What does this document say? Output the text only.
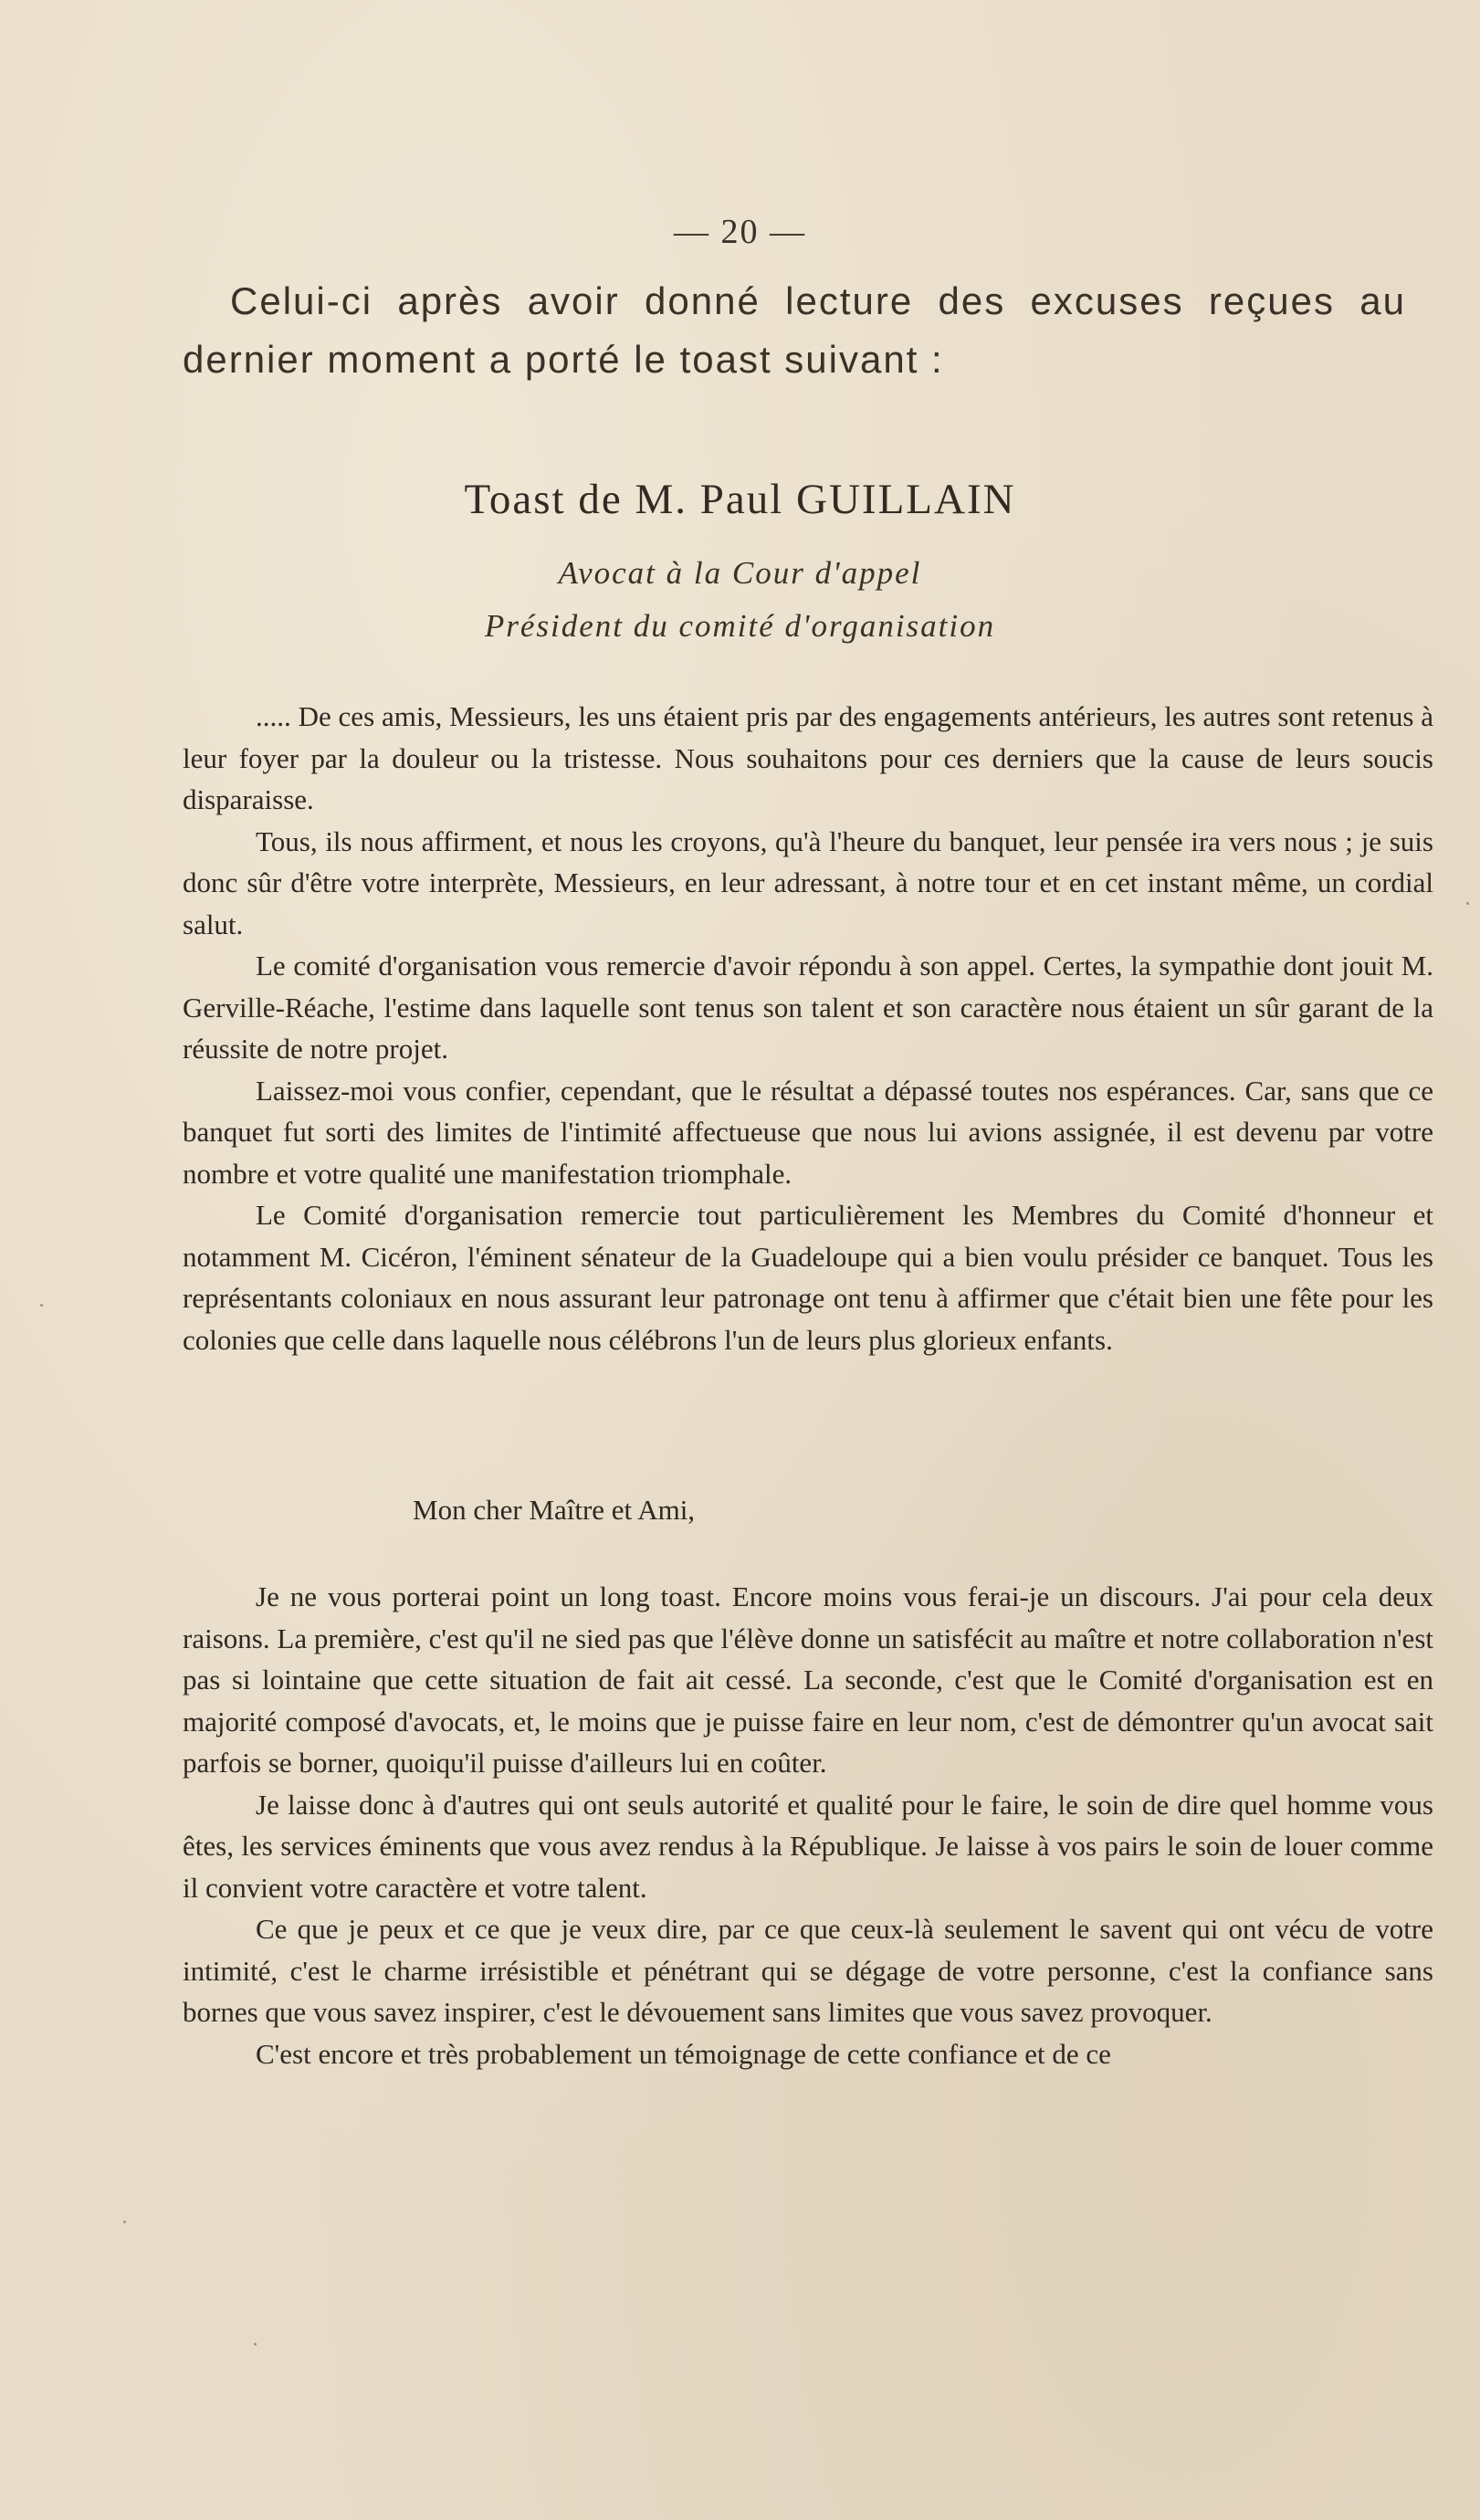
— 20 —
Celui-ci après avoir donné lecture des excuses reçues au dernier moment a porté le toast suivant :
Toast de M. Paul GUILLAIN
Avocat à la Cour d'appel
Président du comité d'organisation

..... De ces amis, Messieurs, les uns étaient pris par des engagements antérieurs, les autres sont retenus à leur foyer par la douleur ou la tristesse. Nous souhaitons pour ces derniers que la cause de leurs soucis disparaisse.

Tous, ils nous affirment, et nous les croyons, qu'à l'heure du banquet, leur pensée ira vers nous ; je suis donc sûr d'être votre interprète, Messieurs, en leur adressant, à notre tour et en cet instant même, un cordial salut.

Le comité d'organisation vous remercie d'avoir répondu à son appel. Certes, la sympathie dont jouit M. Gerville-Réache, l'estime dans laquelle sont tenus son talent et son caractère nous étaient un sûr garant de la réussite de notre projet.

Laissez-moi vous confier, cependant, que le résultat a dépassé toutes nos espérances. Car, sans que ce banquet fut sorti des limites de l'intimité affectueuse que nous lui avions assignée, il est devenu par votre nombre et votre qualité une manifestation triomphale.

Le Comité d'organisation remercie tout particulièrement les Membres du Comité d'honneur et notamment M. Cicéron, l'éminent sénateur de la Guadeloupe qui a bien voulu présider ce banquet. Tous les représentants coloniaux en nous assurant leur patronage ont tenu à affirmer que c'était bien une fête pour les colonies que celle dans laquelle nous célébrons l'un de leurs plus glorieux enfants.

Mon cher Maître et Ami,

Je ne vous porterai point un long toast. Encore moins vous ferai-je un discours. J'ai pour cela deux raisons. La première, c'est qu'il ne sied pas que l'élève donne un satisfécit au maître et notre collaboration n'est pas si lointaine que cette situation de fait ait cessé. La seconde, c'est que le Comité d'organisation est en majorité composé d'avocats, et, le moins que je puisse faire en leur nom, c'est de démontrer qu'un avocat sait parfois se borner, quoiqu'il puisse d'ailleurs lui en coûter.

Je laisse donc à d'autres qui ont seuls autorité et qualité pour le faire, le soin de dire quel homme vous êtes, les services éminents que vous avez rendus à la République. Je laisse à vos pairs le soin de louer comme il convient votre caractère et votre talent.

Ce que je peux et ce que je veux dire, par ce que ceux-là seulement le savent qui ont vécu de votre intimité, c'est le charme irrésistible et pénétrant qui se dégage de votre personne, c'est la confiance sans bornes que vous savez inspirer, c'est le dévouement sans limites que vous savez provoquer.

C'est encore et très probablement un témoignage de cette confiance et de ce
